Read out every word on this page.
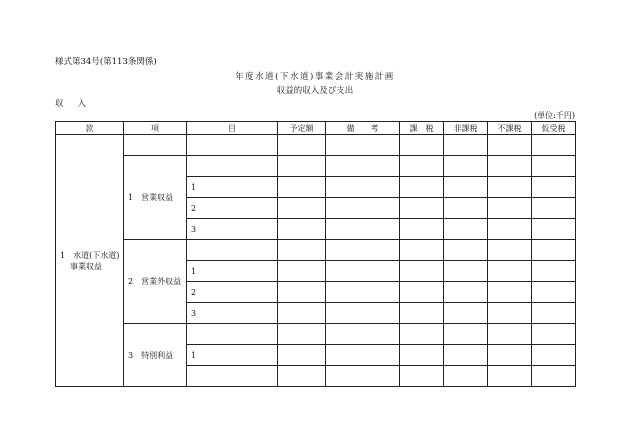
様式第34号(第113条関係)
年度水道(下水道)事業会計実施計画
収益的収入及び支出
収入
(単位:千円)
款	項	目	予定額	備　　考	課　税	非課税	不課税	仮受税

1　水道(下水道)
事業収益								

	1　営業収益							
		1						
		2						
		3						
	2　営業外収益							
		1						
		2						
		3						
	3　特別利益							
		1						
